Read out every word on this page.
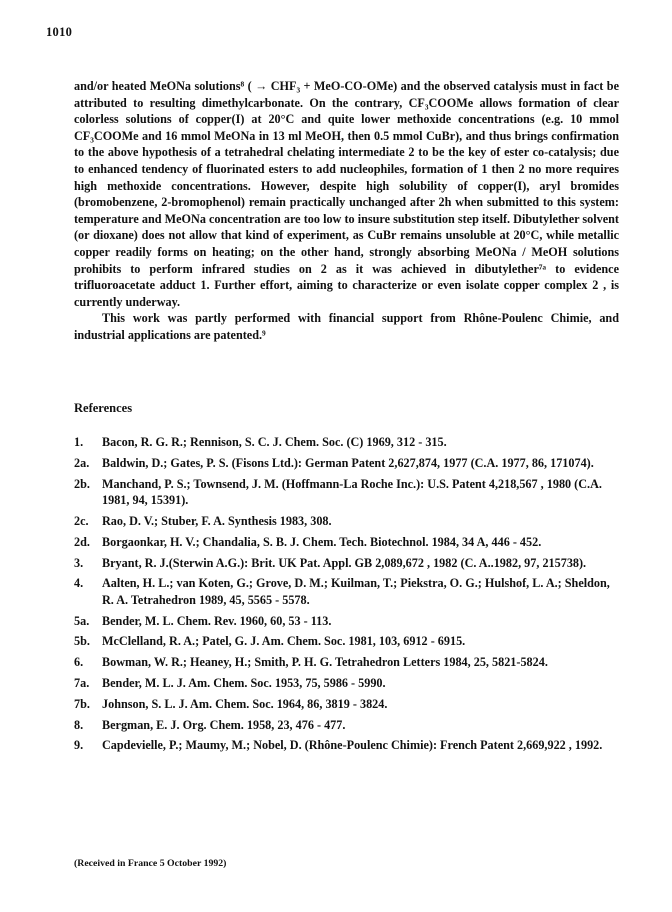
1010

and/or heated MeONa solutions⁸ ( → CHF₃ + MeO-CO-OMe) and the observed catalysis must in fact be attributed to resulting dimethylcarbonate. On the contrary, CF₃COOMe allows formation of clear colorless solutions of copper(I) at 20°C and quite lower methoxide concentrations (e.g. 10 mmol CF₃COOMe and 16 mmol MeONa in 13 ml MeOH, then 0.5 mmol CuBr), and thus brings confirmation to the above hypothesis of a tetrahedral chelating intermediate 2 to be the key of ester co-catalysis; due to enhanced tendency of fluorinated esters to add nucleophiles, formation of 1 then 2 no more requires high methoxide concentrations. However, despite high solubility of copper(I), aryl bromides (bromobenzene, 2-bromophenol) remain practically unchanged after 2h when submitted to this system: temperature and MeONa concentration are too low to insure substitution step itself. Dibutylether solvent (or dioxane) does not allow that kind of experiment, as CuBr remains unsoluble at 20°C, while metallic copper readily forms on heating; on the other hand, strongly absorbing MeONa / MeOH solutions prohibits to perform infrared studies on 2 as it was achieved in dibutylether⁷ᵃ to evidence trifluoroacetate adduct 1. Further effort, aiming to characterize or even isolate copper complex 2 , is currently underway.

This work was partly performed with financial support from Rhône-Poulenc Chimie, and industrial applications are patented.⁹

References
1.	Bacon, R. G. R.; Rennison, S. C. J. Chem. Soc. (C) 1969, 312 - 315.
2a.	Baldwin, D.; Gates, P. S. (Fisons Ltd.): German Patent 2,627,874, 1977 (C.A. 1977, 86, 171074).
2b. Manchand, P. S.; Townsend, J. M. (Hoffmann-La Roche Inc.): U.S. Patent 4,218,567 , 1980 (C.A. 1981, 94, 15391).
2c.	Rao, D. V.; Stuber, F. A. Synthesis 1983, 308.
2d. Borgaonkar, H. V.; Chandalia, S. B. J. Chem. Tech. Biotechnol. 1984, 34 A, 446 - 452.
3.	Bryant, R. J.(Sterwin A.G.): Brit. UK Pat. Appl. GB 2,089,672 , 1982 (C. A..1982, 97, 215738).
4.	Aalten, H. L.; van Koten, G.; Grove, D. M.; Kuilman, T.; Piekstra, O. G.; Hulshof, L. A.; Sheldon, R. A. Tetrahedron 1989, 45, 5565 - 5578.
5a.	Bender, M. L. Chem. Rev. 1960, 60, 53 - 113.
5b. McClelland, R. A.; Patel, G. J. Am. Chem. Soc. 1981, 103, 6912 - 6915.
6.	Bowman, W. R.; Heaney, H.; Smith, P. H. G. Tetrahedron Letters 1984, 25, 5821-5824.
7a.	Bender, M. L. J. Am. Chem. Soc. 1953, 75, 5986 - 5990.
7b. Johnson, S. L. J. Am. Chem. Soc. 1964, 86, 3819 - 3824.
8.	Bergman, E. J. Org. Chem. 1958, 23, 476 - 477.
9.	Capdevielle, P.; Maumy, M.; Nobel, D. (Rhône-Poulenc Chimie): French Patent 2,669,922 , 1992.
(Received in France 5 October 1992)
